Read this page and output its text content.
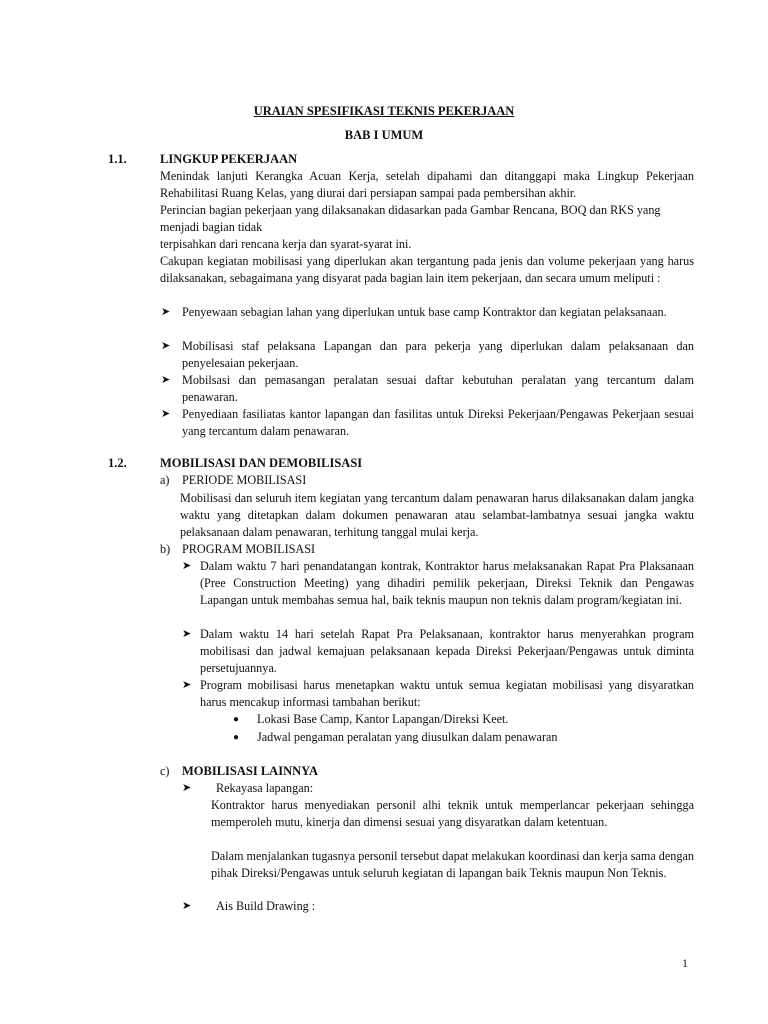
URAIAN SPESIFIKASI TEKNIS PEKERJAAN
BAB I UMUM
1.1.	LINGKUP PEKERJAAN
Menindak lanjuti Kerangka Acuan Kerja, setelah dipahami dan ditanggapi maka Lingkup Pekerjaan Rehabilitasi Ruang Kelas, yang diurai dari persiapan sampai pada pembersihan akhir.
Perincian bagian pekerjaan yang dilaksanakan didasarkan pada Gambar Rencana, BOQ dan RKS yang menjadi bagian tidak
terpisahkan dari rencana kerja dan syarat-syarat ini.
Cakupan kegiatan mobilisasi yang diperlukan akan tergantung pada jenis dan volume pekerjaan yang harus dilaksanakan, sebagaimana yang disyarat pada bagian lain item pekerjaan, dan secara umum meliputi :
➤ Penyewaan sebagian lahan yang diperlukan untuk base camp Kontraktor dan kegiatan pelaksanaan.
➤ Mobilisasi staf pelaksana Lapangan dan para pekerja yang diperlukan dalam pelaksanaan dan penyelesaian pekerjaan.
➤ Mobilsasi dan pemasangan peralatan sesuai daftar kebutuhan peralatan yang tercantum dalam penawaran.
➤ Penyediaan fasiliatas kantor lapangan dan fasilitas untuk Direksi Pekerjaan/Pengawas Pekerjaan sesuai yang tercantum dalam penawaran.
1.2.	MOBILISASI DAN DEMOBILISASI
a) PERIODE MOBILISASI
Mobilisasi dan seluruh item kegiatan yang tercantum dalam penawaran harus dilaksanakan dalam jangka waktu yang ditetapkan dalam dokumen penawaran atau selambat-lambatnya sesuai jangka waktu pelaksanaan dalam penawaran, terhitung tanggal mulai kerja.
b) PROGRAM MOBILISASI
➤ Dalam waktu 7 hari penandatangan kontrak, Kontraktor harus melaksanakan Rapat Pra Plaksanaan (Pree Construction Meeting) yang dihadiri pemilik pekerjaan, Direksi Teknik dan Pengawas Lapangan untuk membahas semua hal, baik teknis maupun non teknis dalam program/kegiatan ini.
➤ Dalam waktu 14 hari setelah Rapat Pra Pelaksanaan, kontraktor harus menyerahkan program mobilisasi dan jadwal kemajuan pelaksanaan kepada Direksi Pekerjaan/Pengawas untuk diminta persetujuannya.
➤ Program mobilisasi harus menetapkan waktu untuk semua kegiatan mobilisasi yang disyaratkan harus mencakup informasi tambahan berikut:
● Lokasi Base Camp, Kantor Lapangan/Direksi Keet.
● Jadwal pengaman peralatan yang diusulkan dalam penawaran
c) MOBILISASI LAINNYA
➤ Rekayasa lapangan:
Kontraktor harus menyediakan personil alhi teknik untuk memperlancar pekerjaan sehingga memperoleh mutu, kinerja dan dimensi sesuai yang disyaratkan dalam ketentuan.
Dalam menjalankan tugasnya personil tersebut dapat melakukan koordinasi dan kerja sama dengan pihak Direksi/Pengawas untuk seluruh kegiatan di lapangan baik Teknis maupun Non Teknis.
➤ Ais Build Drawing :
1
